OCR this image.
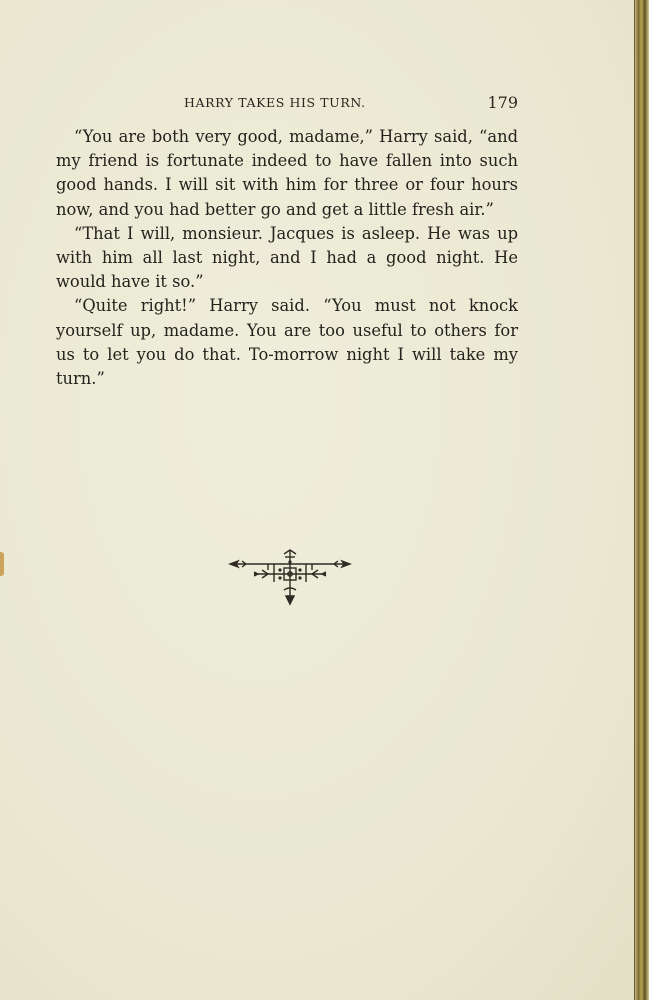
HARRY TAKES HIS TURN.	179

“You are both very good, madame,” Harry said, “and my friend is fortunate indeed to have fallen into such good hands. I will sit with him for three or four hours now, and you had better go and get a little fresh air.”

“That I will, monsieur. Jacques is asleep. He was up with him all last night, and I had a good night. He would have it so.”

“Quite right!” Harry said. “You must not knock yourself up, madame. You are too useful to others for us to let you do that. To-morrow night I will take my turn.”
